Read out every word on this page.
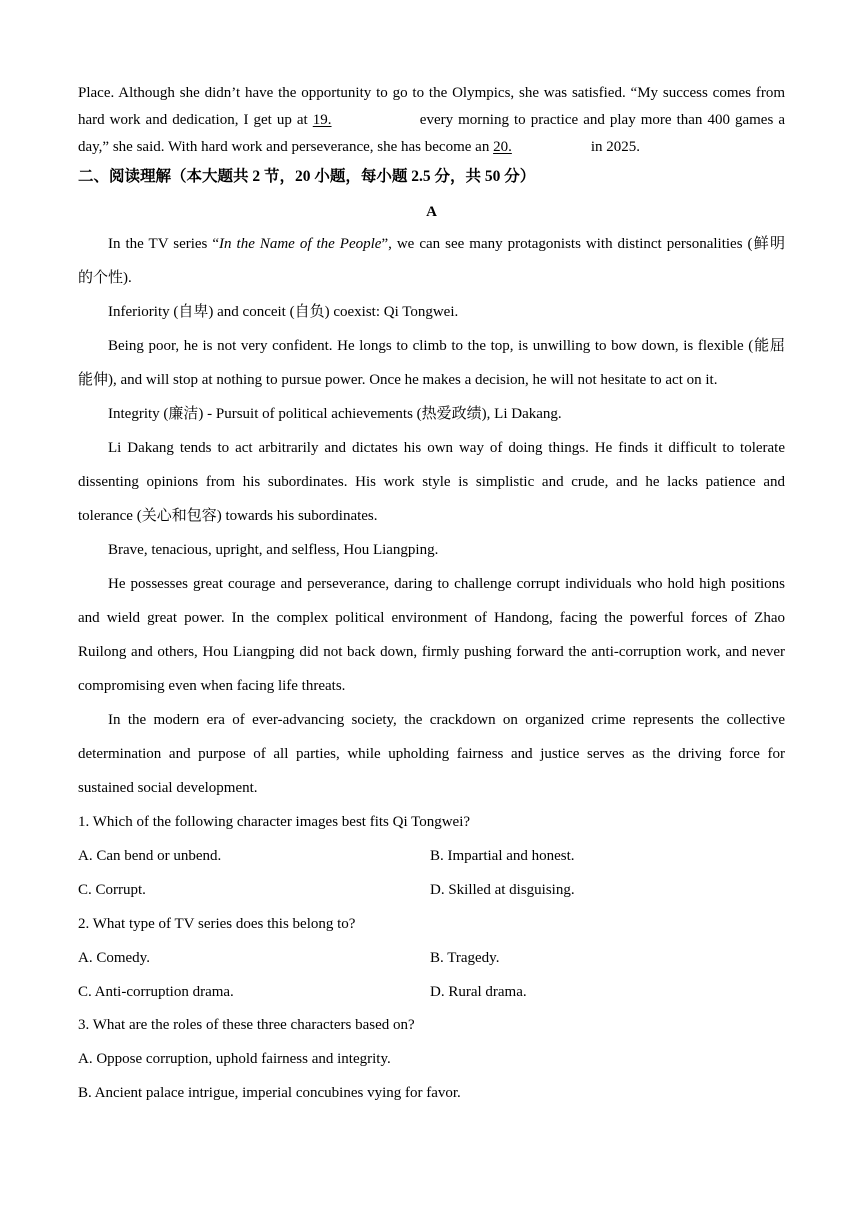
Place. Although she didn’t have the opportunity to go to the Olympics, she was satisfied. “My success comes from
hard work and dedication, I get up at 19.	every morning to practice and play more than 400 games a
day,” she said. With hard work and perseverance, she has become an 20.	in 2025.
二、阅读理解（本大题共 2 节，20 小题，每小题 2.5 分，共 50 分）
A
In the TV series “In the Name of the People”, we can see many protagonists with distinct personalities (鲜明
的个性).
Inferiority (自卑) and conceit (自负) coexist: Qi Tongwei.
Being poor, he is not very confident. He longs to climb to the top, is unwilling to bow down, is flexible (能屈
能伸), and will stop at nothing to pursue power. Once he makes a decision, he will not hesitate to act on it.
Integrity (廉洁) - Pursuit of political achievements (热爱政绩), Li Dakang.
Li Dakang tends to act arbitrarily and dictates his own way of doing things. He finds it difficult to tolerate
dissenting opinions from his subordinates. His work style is simplistic and crude, and he lacks patience and
tolerance (关心和包容) towards his subordinates.
Brave, tenacious, upright, and selfless, Hou Liangping.
He possesses great courage and perseverance, daring to challenge corrupt individuals who hold high positions
and wield great power. In the complex political environment of Handong, facing the powerful forces of Zhao
Ruilong and others, Hou Liangping did not back down, firmly pushing forward the anti-corruption work, and never
compromising even when facing life threats.
In the modern era of ever-advancing society, the crackdown on organized crime represents the collective
determination and purpose of all parties, while upholding fairness and justice serves as the driving force for
sustained social development.
1. Which of the following character images best fits Qi Tongwei?
A. Can bend or unbend.	B. Impartial and honest.
C. Corrupt.	D. Skilled at disguising.
2. What type of TV series does this belong to?
A. Comedy.	B. Tragedy.
C. Anti-corruption drama.	D. Rural drama.
3. What are the roles of these three characters based on?
A. Oppose corruption, uphold fairness and integrity.
B. Ancient palace intrigue, imperial concubines vying for favor.
